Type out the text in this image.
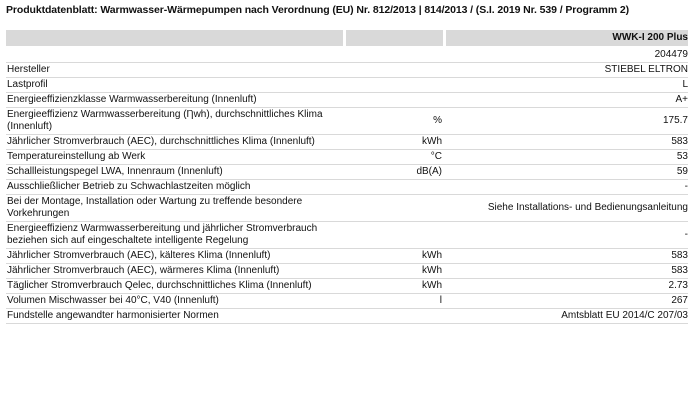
Produktdatenblatt: Warmwasser-Wärmepumpen nach Verordnung (EU) Nr. 812/2013 | 814/2013 / (S.I. 2019 Nr. 539 / Programm 2)
		WWK-I 200 Plus
		204479
Hersteller		STIEBEL ELTRON
Lastprofil		L
Energieeffizienzklasse Warmwasserbereitung (Innenluft)		A+
Energieeffizienz Warmwasserbereitung (Ƞwh), durchschnittliches Klima (Innenluft)	%	175.7
Jährlicher Stromverbrauch (AEC), durchschnittliches Klima (Innenluft)	kWh	583
Temperatureinstellung ab Werk	°C	53
Schallleistungspegel LWA, Innenraum (Innenluft)	dB(A)	59
Ausschließlicher Betrieb zu Schwachlastzeiten möglich		-
Bei der Montage, Installation oder Wartung zu treffende besondere Vorkehrungen		Siehe Installations- und Bedienungsanleitung
Energieeffizienz Warmwasserbereitung und jährlicher Stromverbrauch beziehen sich auf eingeschaltete intelligente Regelung		-
Jährlicher Stromverbrauch (AEC), kälteres Klima (Innenluft)	kWh	583
Jährlicher Stromverbrauch (AEC), wärmeres Klima (Innenluft)	kWh	583
Täglicher Stromverbrauch Qelec, durchschnittliches Klima (Innenluft)	kWh	2.73
Volumen Mischwasser bei 40°C, V40 (Innenluft)	l	267
Fundstelle angewandter harmonisierter Normen		Amtsblatt EU 2014/C 207/03
